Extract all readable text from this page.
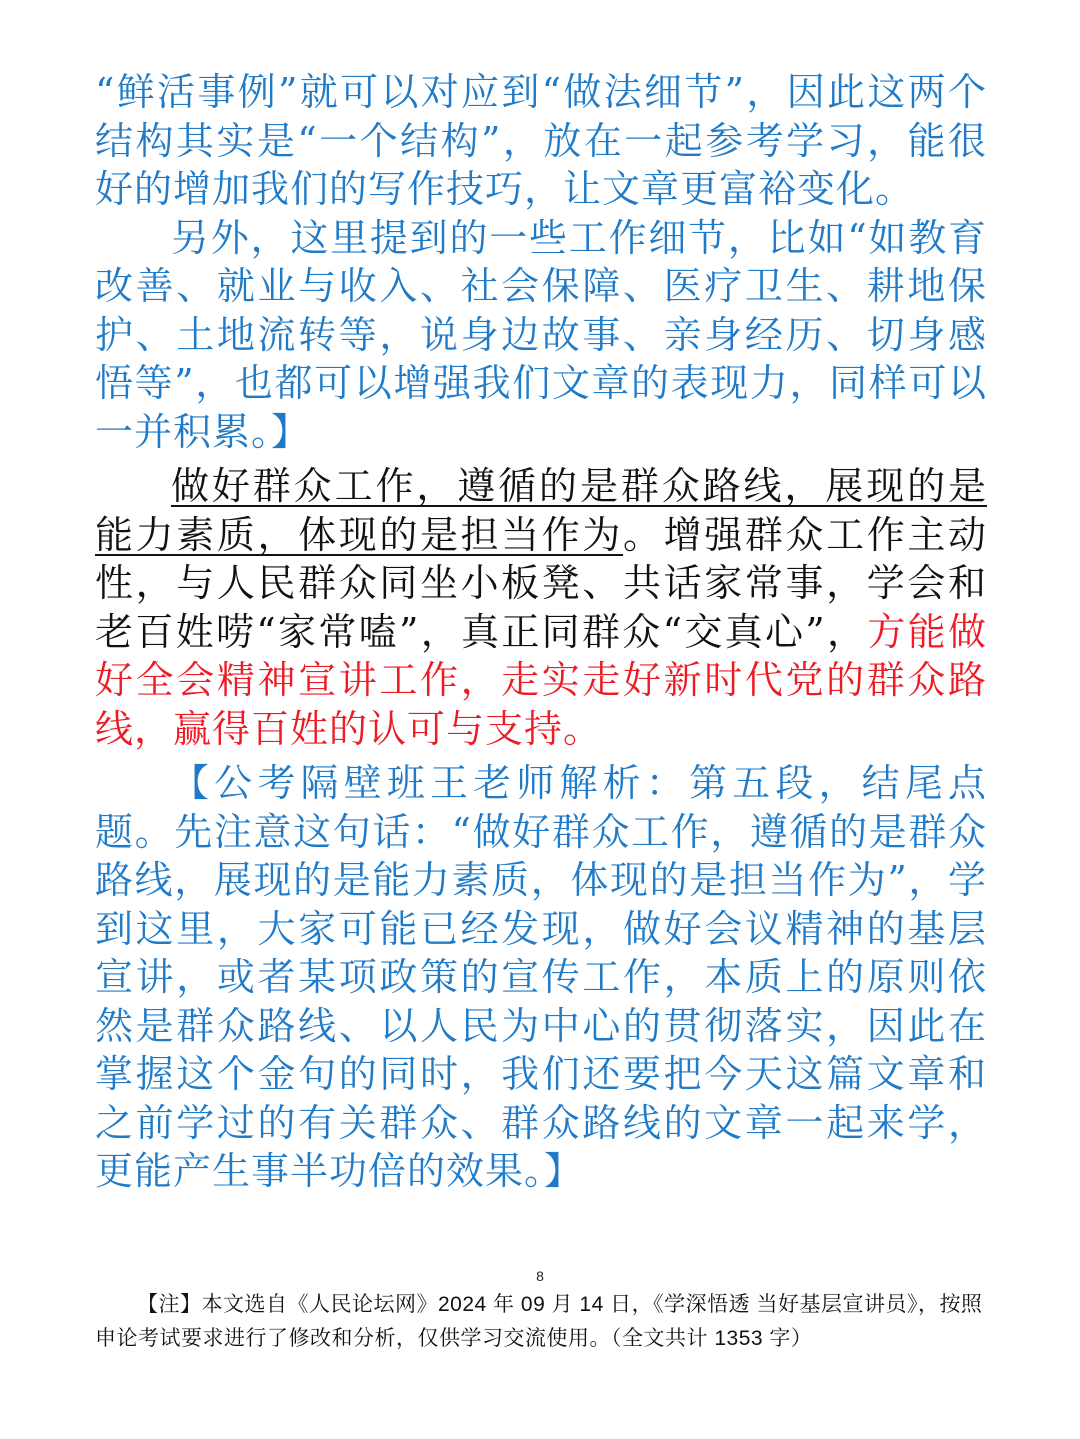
“鲜活事例”就可以对应到“做法细节”，因此这两个结构其实是“一个结构”，放在一起参考学习，能很好的增加我们的写作技巧，让文章更富裕变化。

另外，这里提到的一些工作细节，比如“如教育改善、就业与收入、社会保障、医疗卫生、耕地保护、土地流转等，说身边故事、亲身经历、切身感悟等”，也都可以增强我们文章的表现力，同样可以一并积累。】

做好群众工作，遵循的是群众路线，展现的是能力素质，体现的是担当作为。增强群众工作主动性，与人民群众同坐小板凳、共话家常事，学会和老百姓唠“家常嗑”，真正同群众“交真心”，方能做好全会精神宣讲工作，走实走好新时代党的群众路线，赢得百姓的认可与支持。

【公考隔壁班王老师解析：第五段，结尾点题。先注意这句话：“做好群众工作，遵循的是群众路线，展现的是能力素质，体现的是担当作为”，学到这里，大家可能已经发现，做好会议精神的基层宣讲，或者某项政策的宣传工作，本质上的原则依然是群众路线、以人民为中心的贯彻落实，因此在掌握这个金句的同时，我们还要把今天这篇文章和之前学过的有关群众、群众路线的文章一起来学，更能产生事半功倍的效果。】

8
【注】本文选自《人民论坛网》2024 年 09 月 14 日，《学深悟透 当好基层宣讲员》，按照申论考试要求进行了修改和分析，仅供学习交流使用。（全文共计 1353 字）
